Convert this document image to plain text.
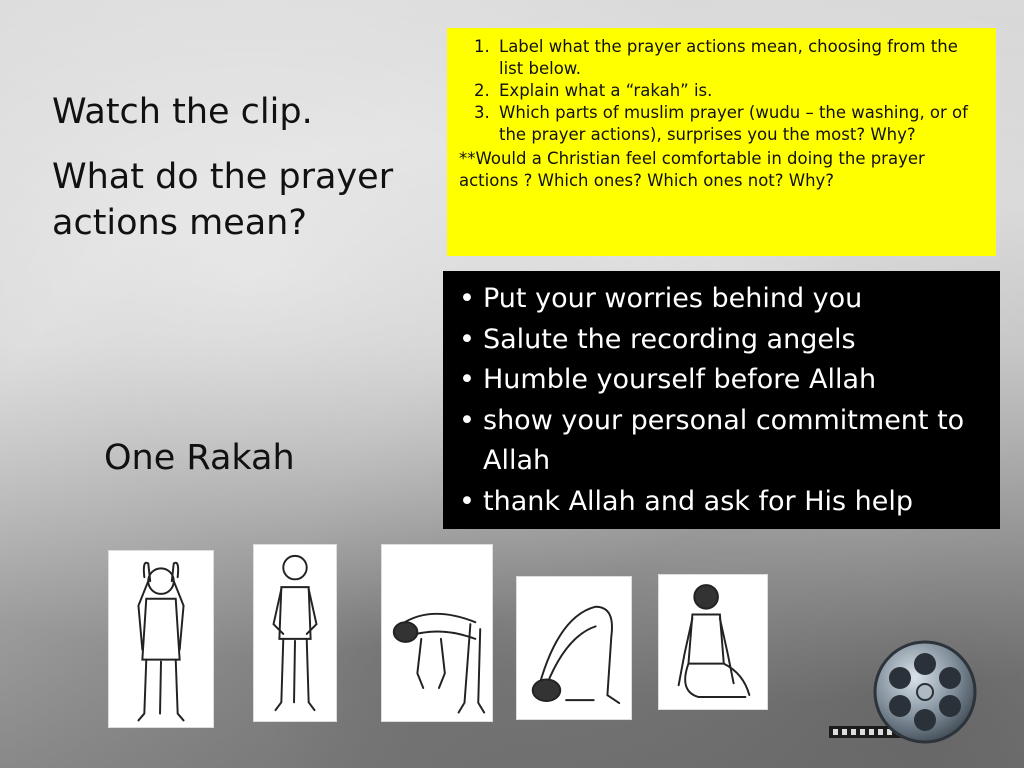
Watch the clip.
What do the prayer actions mean?
One Rakah
1. Label what the prayer actions mean, choosing from the list below.
2. Explain what a “rakah” is.
3. Which parts of muslim prayer (wudu – the washing, or of the prayer actions), surprises you the most? Why?
**Would a Christian feel comfortable in doing the prayer actions ? Which ones? Which ones not? Why?
• Put your worries behind you
• Salute the recording angels
• Humble yourself before Allah
• show your personal commitment to Allah
• thank Allah and ask for His help
